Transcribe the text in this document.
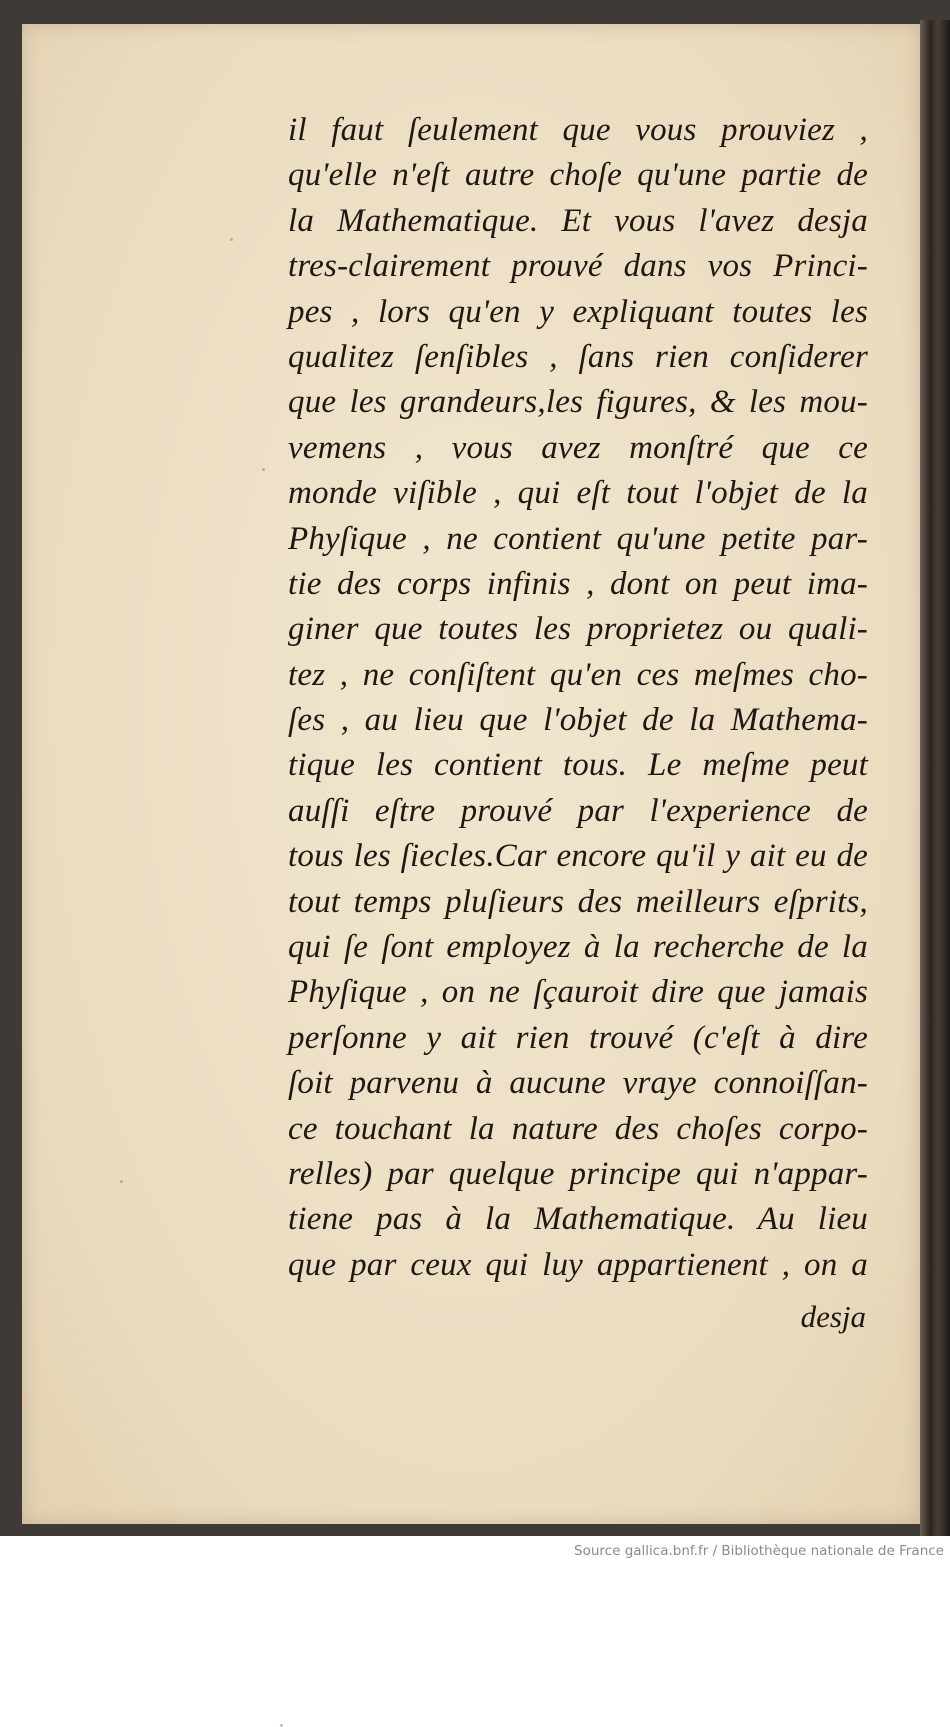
il faut ſeulement que vous prouviez ,
qu'elle n'eſt autre choſe qu'une partie de
la Mathematique. Et vous l'avez desja
tres-clairement prouvé dans vos Princi-
pes , lors qu'en y expliquant toutes les
qualitez ſenſibles , ſans rien conſiderer
que les grandeurs,les figures, & les mou-
vemens , vous avez monſtré que ce
monde viſible , qui eſt tout l'objet de la
Phyſique , ne contient qu'une petite par-
tie des corps infinis , dont on peut ima-
giner que toutes les proprietez ou quali-
tez , ne conſiſtent qu'en ces meſmes cho-
ſes , au lieu que l'objet de la Mathema-
tique les contient tous. Le meſme peut
auſſi eſtre prouvé par l'experience de
tous les ſiecles.Car encore qu'il y ait eu de
tout temps pluſieurs des meilleurs eſprits,
qui ſe ſont employez à la recherche de la
Phyſique , on ne ſçauroit dire que jamais
perſonne y ait rien trouvé (c'eſt à dire
ſoit parvenu à aucune vraye connoiſſan-
ce touchant la nature des choſes corpo-
relles) par quelque principe qui n'appar-
tiene pas à la Mathematique. Au lieu
que par ceux qui luy appartienent , on a
desja
Source gallica.bnf.fr / Bibliothèque nationale de France
